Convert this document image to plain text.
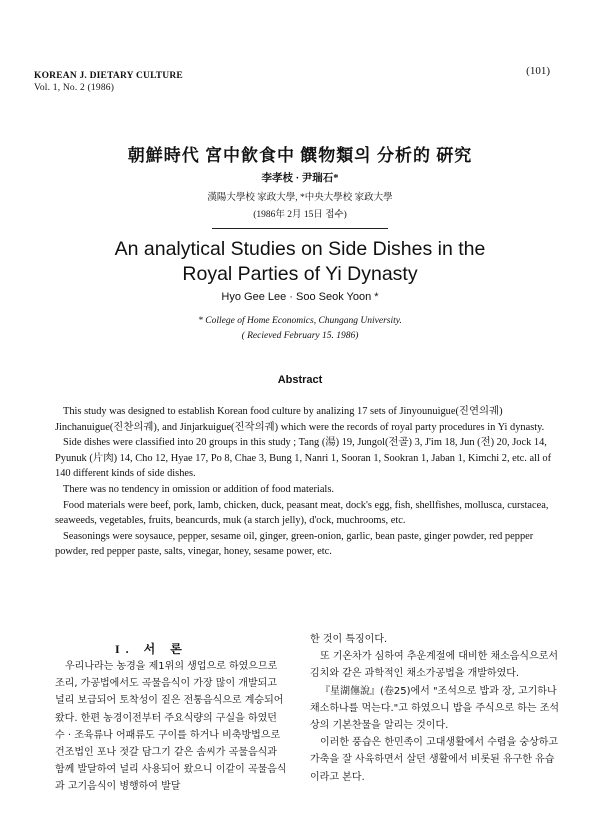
KOREAN J. DIETARY CULTURE
Vol. 1, No. 2 (1986)
(101)
朝鮮時代 宮中飮食中 饌物類의 分析的 硏究
李孝枝 · 尹瑞石*
漢陽大學校 家政大學, *中央大學校 家政大學
(1986年 2月 15日 접수)
An analytical Studies on Side Dishes in the
Royal Parties of Yi Dynasty
Hyo Gee Lee · Soo Seok Yoon *
* College of Home Economics, Chungang University.
( Recieved February 15. 1986)
Abstract

This study was designed to establish Korean food culture by analizing 17 sets of Jinyounuigue(진연의궤) Jinchanuigue(진찬의궤), and Jinjarkuigue(진작의궤) which were the records of royal party procedures in Yi dynasty.

Side dishes were classified into 20 groups in this study ; Tang (湯) 19, Jungol(전골) 3, J'im 18, Jun (전) 20, Jock 14, Pyunuk (片肉) 14, Cho 12, Hyae 17, Po 8, Chae 3, Bung 1, Nanri 1, Sooran 1, Sookran 1, Jaban 1, Kimchi 2, etc. all of 140 different kinds of side dishes.

There was no tendency in omission or addition of food materials.

Food materials were beef, pork, lamb, chicken, duck, peasant meat, dock's egg, fish, shellfishes, mollusca, curstacea, seaweeds, vegetables, fruits, beancurds, muk (a starch jelly), d'ock, muchrooms, etc.

Seasonings were soysauce, pepper, sesame oil, ginger, green-onion, garlic, bean paste, ginger powder, red pepper powder, red pepper paste, salts, vinegar, honey, sesame power, etc.

I. 서 론

우리나라는 농경을 제1위의 생업으로 하였으므로 조리, 가공법에서도 곡물음식이 가장 많이 개발되고 널리 보급되어 토착성이 짙은 전통음식으로 계승되어 왔다. 한편 농경이전부터 주요식량의 구실을 하였던 수 · 조육류나 어패류도 구이를 하거나 비축방법으로 건조법인 포나 젓갈 담그기 같은 솜씨가 곡물음식과 함께 발달하여 널리 사용되어 왔으니 이같이 곡물음식과 고기음식이 병행하여 발달

한 것이 특징이다.

또 기온차가 심하여 추운계절에 대비한 채소음식으로서 김치와 같은 과학적인 채소가공법을 개발하였다.

『星湖僿說』(卷25)에서 "조석으로 밥과 장, 고기하나 채소하나를 먹는다."고 하였으니 밥을 주식으로 하는 조석상의 기본찬물을 알리는 것이다.

이러한 풍습은 한민족이 고대생활에서 수렵을 숭상하고 가축을 잘 사육하면서 살던 생활에서 비롯된 유구한 유습이라고 본다.
